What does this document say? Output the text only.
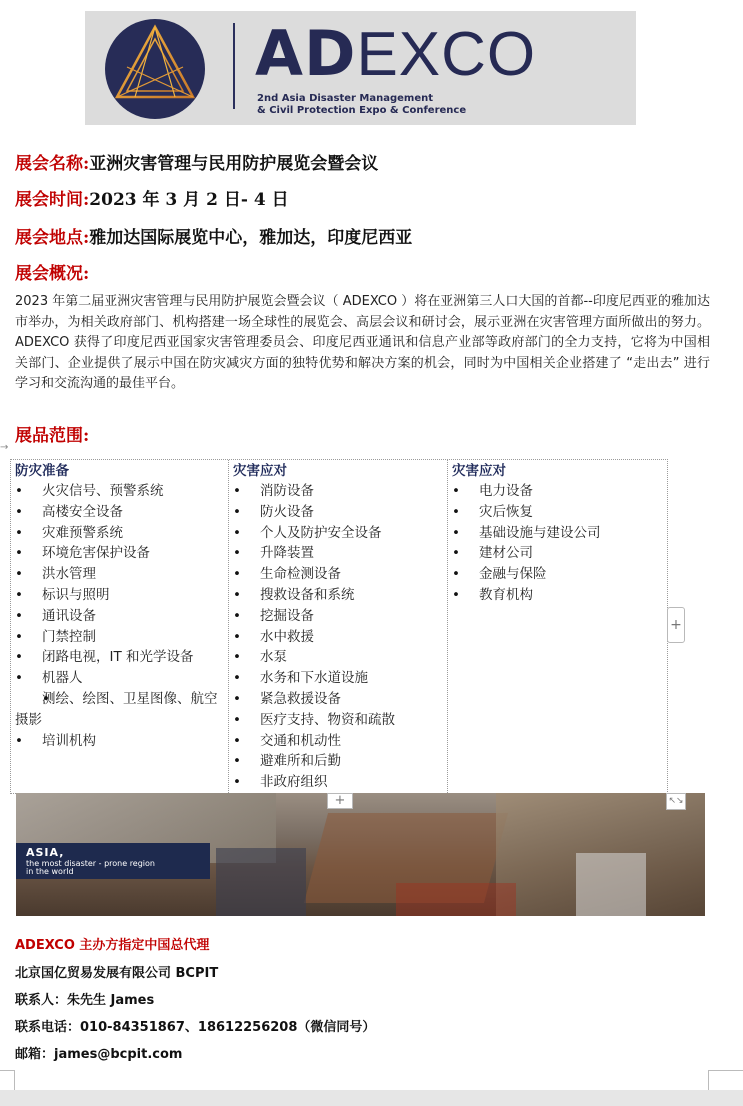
ADEXCO
2nd Asia Disaster Management
& Civil Protection Expo & Conference
展会名称:亚洲灾害管理与民用防护展览会暨会议
展会时间:2023 年 3 月 2 日- 4 日
展会地点:雅加达国际展览中心，雅加达，印度尼西亚
展会概况:
2023 年第二届亚洲灾害管理与民用防护展览会暨会议（ ADEXCO ）将在亚洲第三人口大国的首都--印度尼西亚的雅加达市举办，为相关政府部门、机构搭建一场全球性的展览会、高层会议和研讨会，展示亚洲在灾害管理方面所做出的努力。ADEXCO 获得了印度尼西亚国家灾害管理委员会、印度尼西亚通讯和信息产业部等政府部门的全力支持，它将为中国相关部门、企业提供了展示中国在防灾减灾方面的独特优势和解决方案的机会，同时为中国相关企业搭建了 “走出去” 进行学习和交流沟通的最佳平台。
展品范围:
→
防灾准备
• 火灾信号、预警系统
• 高楼安全设备
• 灾难预警系统
• 环境危害保护设备
• 洪水管理
• 标识与照明
• 通讯设备
• 门禁控制
• 闭路电视，IT 和光学设备
• 机器人
• 测绘、绘图、卫星图像、航空摄影
• 培训机构
灾害应对
• 消防设备
• 防火设备
• 个人及防护安全设备
• 升降装置
• 生命检测设备
• 搜救设备和系统
• 挖掘设备
• 水中救援
• 水泵
• 水务和下水道设施
• 紧急救援设备
• 医疗支持、物资和疏散
• 交通和机动性
• 避难所和后勤
• 非政府组织
灾害应对
• 电力设备
• 灾后恢复
• 基础设施与建设公司
• 建材公司
• 金融与保险
• 教育机构
+
ASIA,
the most disaster - prone region
in the world
+	↖↘
ADEXCO 主办方指定中国总代理
北京国亿贸易发展有限公司 BCPIT
联系人：朱先生 James
联系电话：010-84351867、18612256208（微信同号）
邮箱：james@bcpit.com
